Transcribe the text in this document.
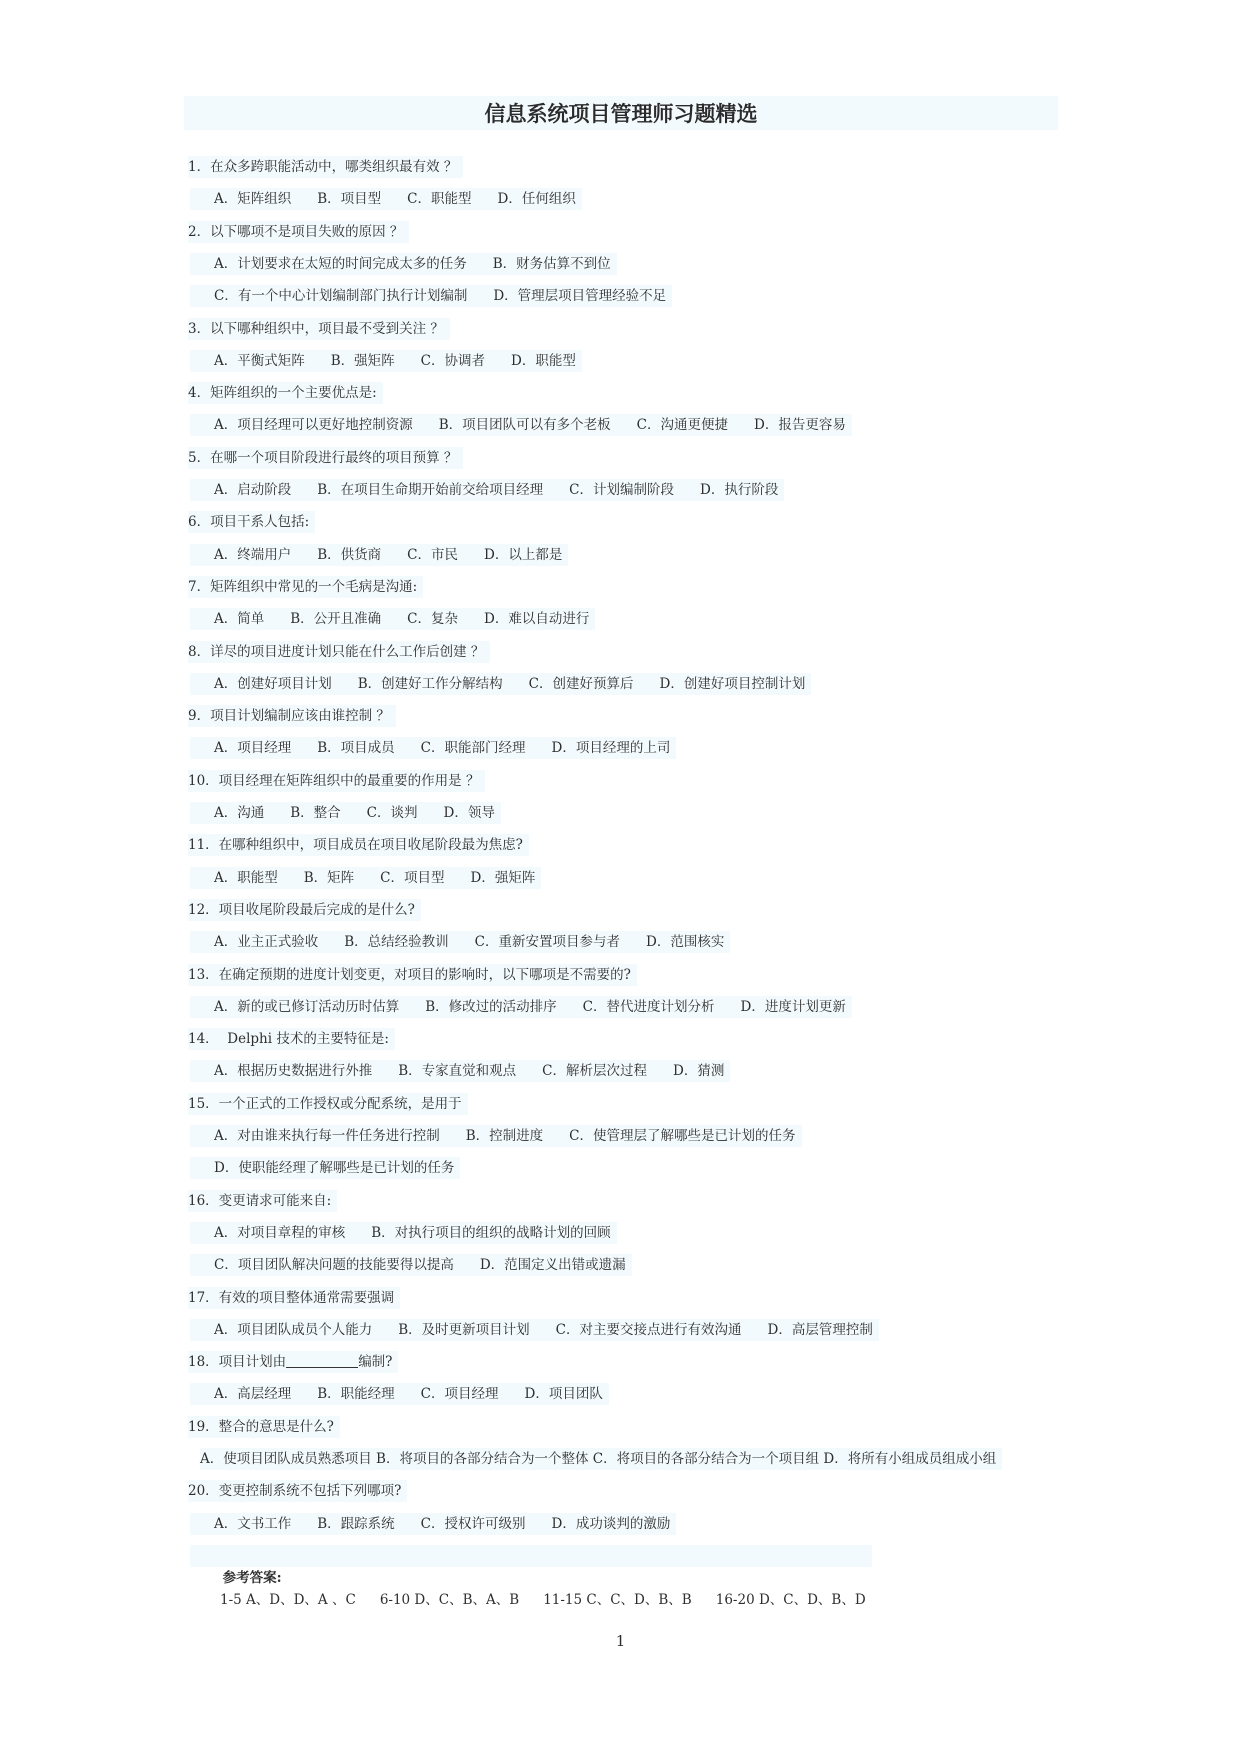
信息系统项目管理师习题精选
1．在众多跨职能活动中，哪类组织最有效 ？
A．矩阵组织 B．项目型 C．职能型 D．任何组织
2．以下哪项不是项目失败的原因 ？
A．计划要求在太短的时间完成太多的任务 B．财务估算不到位
C．有一个中心计划编制部门执行计划编制 D．管理层项目管理经验不足
3．以下哪种组织中，项目最不受到关注 ？
A．平衡式矩阵 B．强矩阵 C．协调者 D．职能型
4．矩阵组织的一个主要优点是:
A．项目经理可以更好地控制资源 B．项目团队可以有多个老板 C．沟通更便捷 D．报告更容易
5．在哪一个项目阶段进行最终的项目预算 ？
A．启动阶段 B．在项目生命期开始前交给项目经理 C．计划编制阶段 D．执行阶段
6．项目干系人包括:
A．终端用户 B．供货商 C．市民 D．以上都是
7．矩阵组织中常见的一个毛病是沟通:
A．简单 B．公开且准确 C．复杂 D．难以自动进行
8．详尽的项目进度计划只能在什么工作后创建 ？
A．创建好项目计划 B．创建好工作分解结构 C．创建好预算后 D．创建好项目控制计划
9．项目计划编制应该由谁控制 ？
A．项目经理 B．项目成员 C．职能部门经理 D．项目经理的上司
10．项目经理在矩阵组织中的最重要的作用是 ？
A．沟通 B．整合 C．谈判 D．领导
11．在哪种组织中，项目成员在项目收尾阶段最为焦虑?
A．职能型 B．矩阵 C．项目型 D．强矩阵
12．项目收尾阶段最后完成的是什么?
A．业主正式验收 B．总结经验教训 C．重新安置项目参与者 D．范围核实
13．在确定预期的进度计划变更，对项目的影响时，以下哪项是不需要的?
A．新的或已修订活动历时估算 B．修改过的活动排序 C．替代进度计划分析 D．进度计划更新
14．  Delphi 技术的主要特征是:
A．根据历史数据进行外推 B．专家直觉和观点 C．解析层次过程 D．猜测
15．一个正式的工作授权或分配系统，是用于
A．对由谁来执行每一件任务进行控制 B．控制进度 C．使管理层了解哪些是已计划的任务
D．使职能经理了解哪些是已计划的任务
16．变更请求可能来自:
A．对项目章程的审核 B．对执行项目的组织的战略计划的回顾
C．项目团队解决问题的技能要得以提高 D．范围定义出错或遗漏
17．有效的项目整体通常需要强调
A．项目团队成员个人能力 B．及时更新项目计划 C．对主要交接点进行有效沟通 D．高层管理控制
18．项目计划由	编制?
A．高层经理 B．职能经理 C．项目经理 D．项目团队
19．整合的意思是什么?
A．使项目团队成员熟悉项目 B．将项目的各部分结合为一个整体 C．将项目的各部分结合为一个项目组 D．将所有小组成员组成小组
20．变更控制系统不包括下列哪项?
A．文书工作 B．跟踪系统 C．授权许可级别 D．成功谈判的激励

参考答案:
1-5 A、D、D、A 、C 6-10 D、C、B、A、B 11-15 C、C、D、B、B 16-20 D、C、D、B、D
1
